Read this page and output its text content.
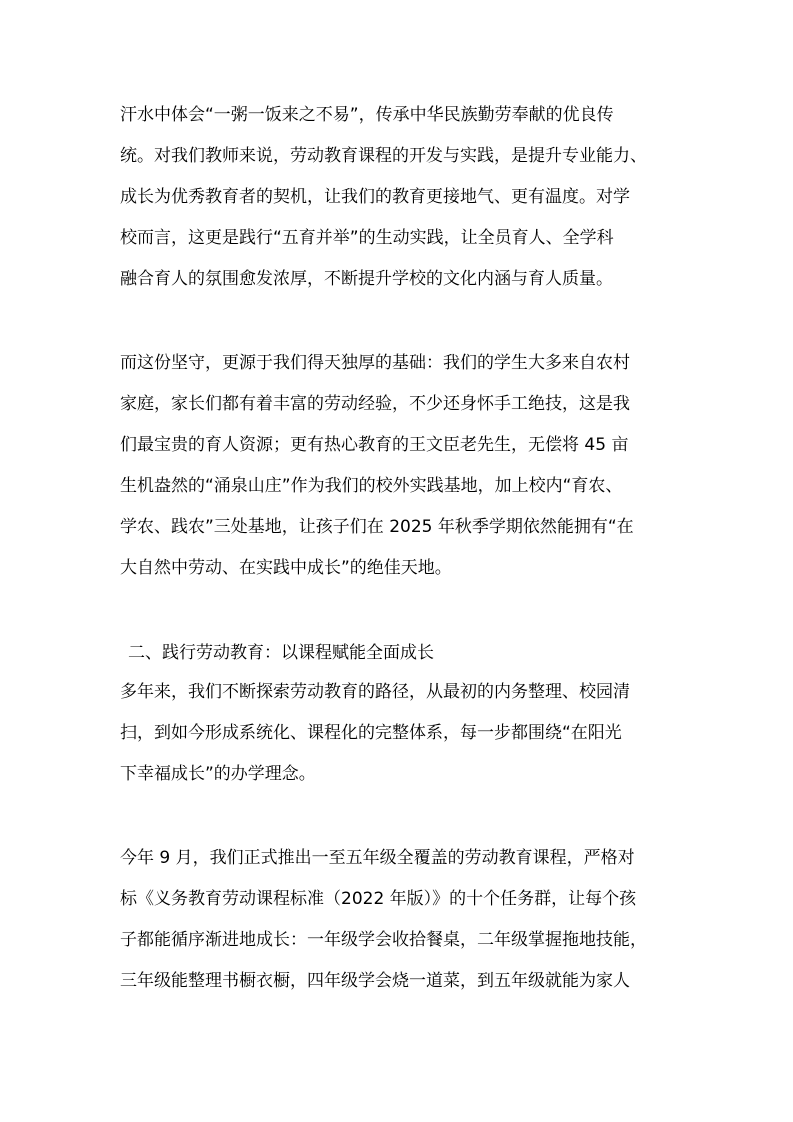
汗水中体会“一粥一饭来之不易”，传承中华民族勤劳奉献的优良传
统。对我们教师来说，劳动教育课程的开发与实践，是提升专业能力、
成长为优秀教育者的契机，让我们的教育更接地气、更有温度。对学
校而言，这更是践行“五育并举”的生动实践，让全员育人、全学科
融合育人的氛围愈发浓厚，不断提升学校的文化内涵与育人质量。
而这份坚守，更源于我们得天独厚的基础：我们的学生大多来自农村
家庭，家长们都有着丰富的劳动经验，不少还身怀手工绝技，这是我
们最宝贵的育人资源；更有热心教育的王文臣老先生，无偿将 45 亩
生机盎然的“涌泉山庄”作为我们的校外实践基地，加上校内“育农、
学农、践农”三处基地，让孩子们在 2025 年秋季学期依然能拥有“在
大自然中劳动、在实践中成长”的绝佳天地。
二、践行劳动教育：以课程赋能全面成长
多年来，我们不断探索劳动教育的路径，从最初的内务整理、校园清
扫，到如今形成系统化、课程化的完整体系，每一步都围绕“在阳光
下幸福成长”的办学理念。
今年 9 月，我们正式推出一至五年级全覆盖的劳动教育课程，严格对
标《义务教育劳动课程标准（2022 年版）》的十个任务群，让每个孩
子都能循序渐进地成长：一年级学会收拾餐桌，二年级掌握拖地技能，
三年级能整理书橱衣橱，四年级学会烧一道菜，到五年级就能为家人
